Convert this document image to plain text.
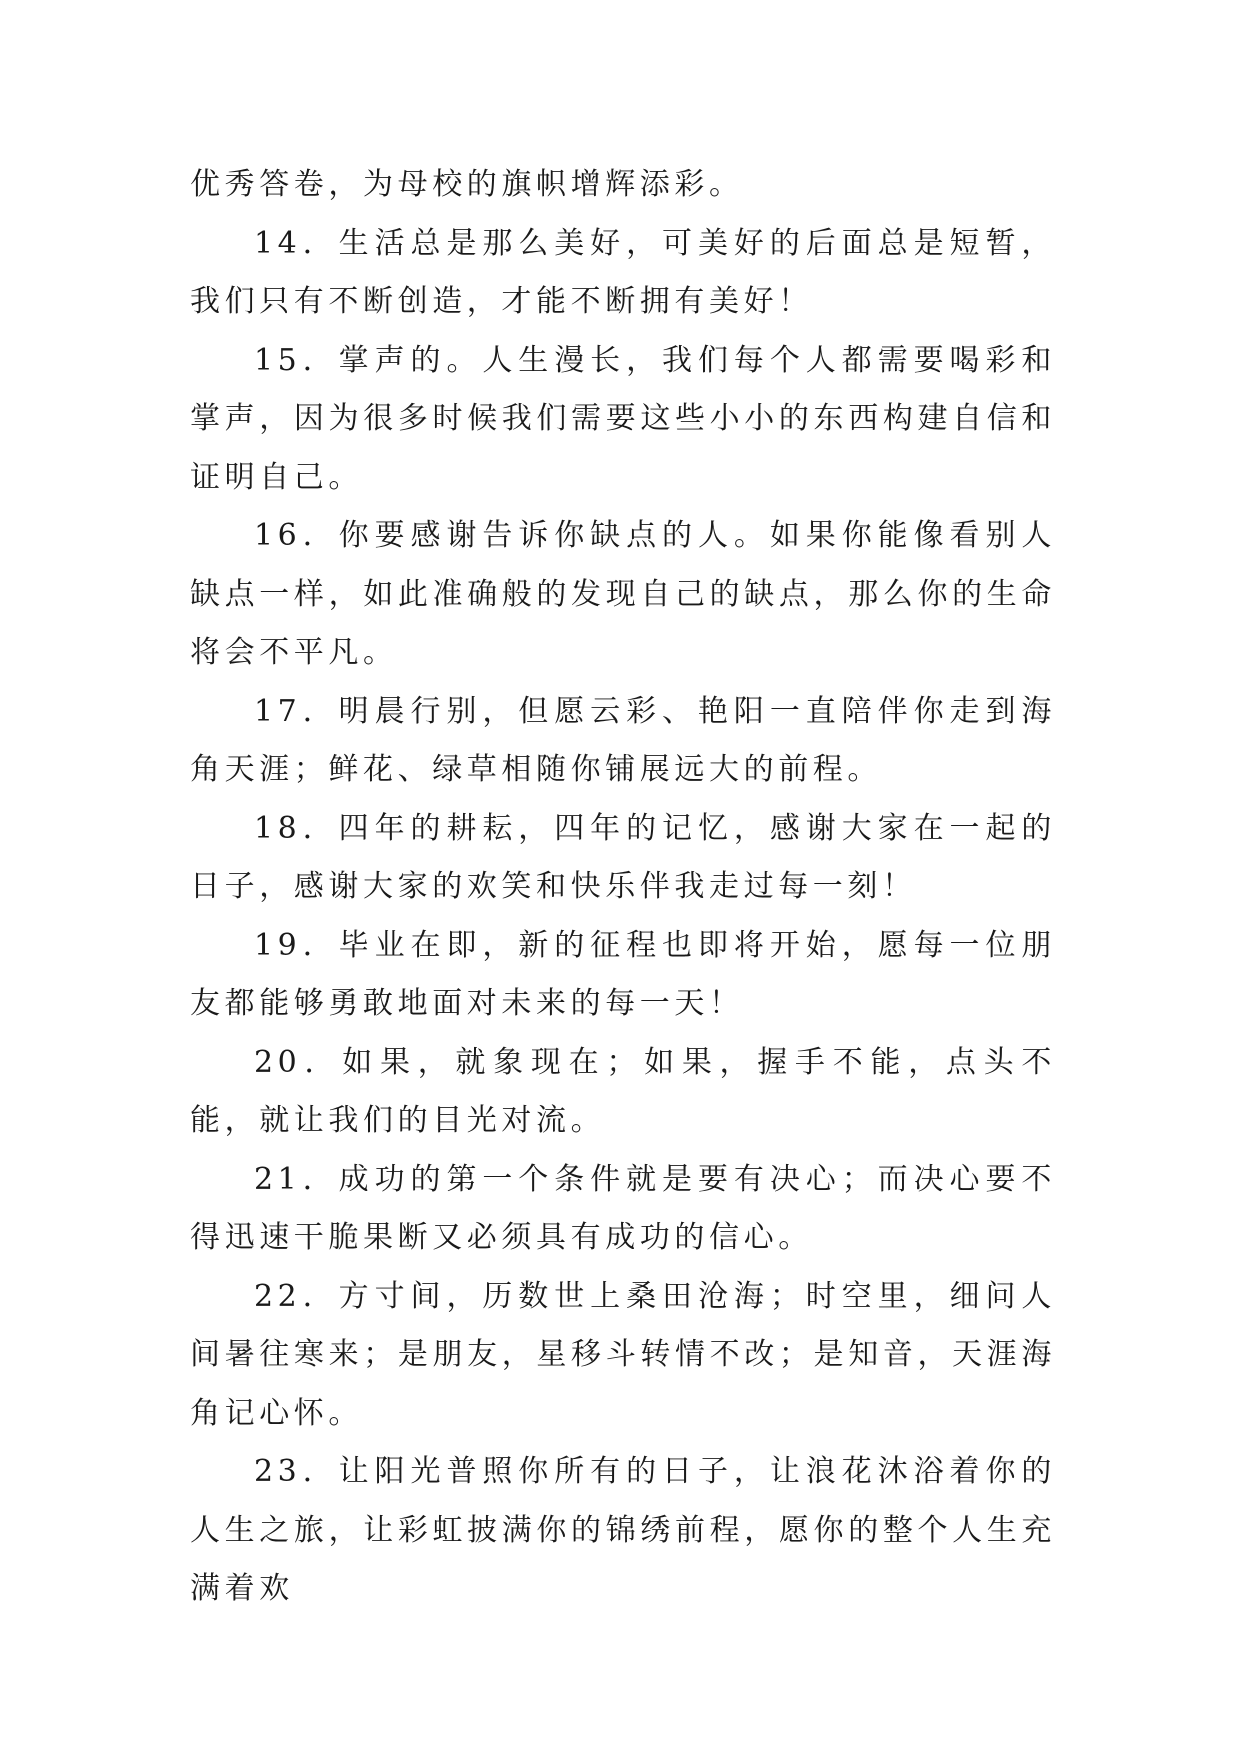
优秀答卷，为母校的旗帜增辉添彩。

14．生活总是那么美好，可美好的后面总是短暂，我们只有不断创造，才能不断拥有美好！

15．掌声的。人生漫长，我们每个人都需要喝彩和掌声，因为很多时候我们需要这些小小的东西构建自信和证明自己。

16．你要感谢告诉你缺点的人。如果你能像看别人缺点一样，如此准确般的发现自己的缺点，那么你的生命将会不平凡。

17．明晨行别，但愿云彩、艳阳一直陪伴你走到海角天涯；鲜花、绿草相随你铺展远大的前程。

18．四年的耕耘，四年的记忆，感谢大家在一起的日子，感谢大家的欢笑和快乐伴我走过每一刻！

19．毕业在即，新的征程也即将开始，愿每一位朋友都能够勇敢地面对未来的每一天！

20．如果，就象现在；如果，握手不能，点头不能，就让我们的目光对流。

21．成功的第一个条件就是要有决心；而决心要不得迅速干脆果断又必须具有成功的信心。

22．方寸间，历数世上桑田沧海；时空里，细问人间暑往寒来；是朋友，星移斗转情不改；是知音，天涯海角记心怀。

23．让阳光普照你所有的日子，让浪花沐浴着你的人生之旅，让彩虹披满你的锦绣前程，愿你的整个人生充满着欢
